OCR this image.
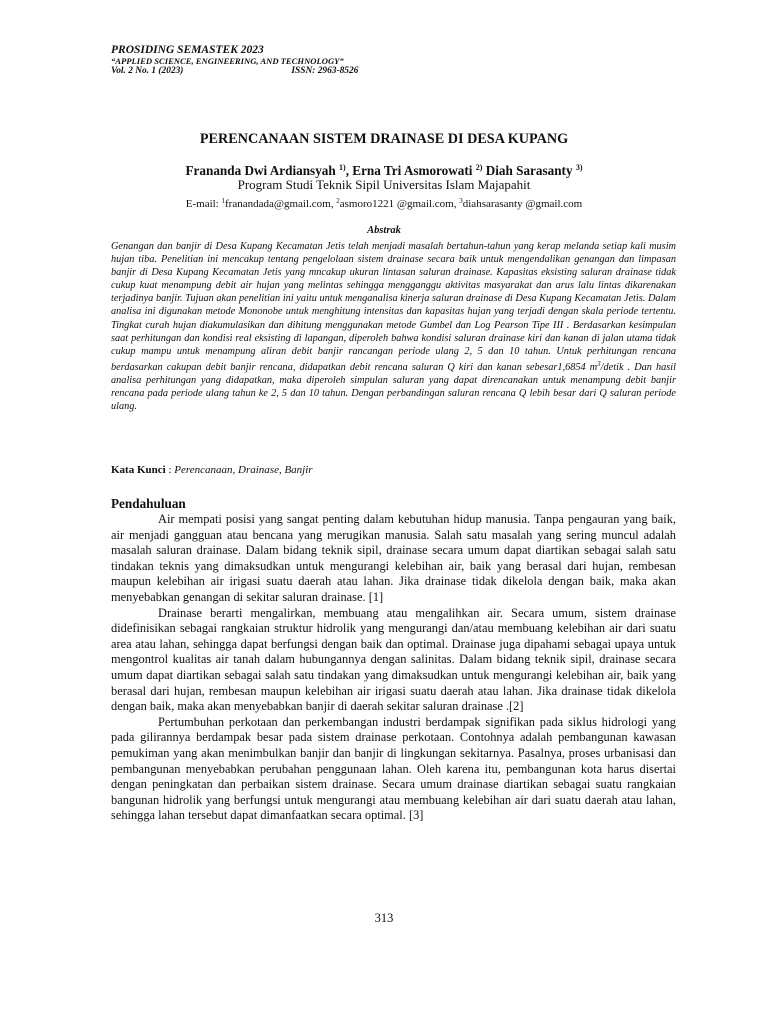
PROSIDING SEMASTEK 2023
“APPLIED SCIENCE, ENGINEERING, AND TECHNOLOGY”
Vol. 2 No. 1 (2023)	ISSN: 2963-8526
PERENCANAAN SISTEM DRAINASE DI DESA KUPANG
Frananda Dwi Ardiansyah $^{1)}$, Erna Tri Asmorowati $^{2)}$ Diah Sarasanty $^{3)}$
Program Studi Teknik Sipil Universitas Islam Majapahit
E-mail: $^1$franandada@gmail.com, $^2$asmoro1221 @gmail.com, $^3$diahsarasanty @gmail.com
Abstrak

Genangan dan banjir di Desa Kupang Kecamatan Jetis telah menjadi masalah bertahun-tahun yang kerap melanda setiap kali musim hujan tiba. Penelitian ini mencakup tentang pengelolaan sistem drainase secara baik untuk mengendalikan genangan dan limpasan banjir di Desa Kupang Kecamatan Jetis yang mncakup ukuran lintasan saluran drainase. Kapasitas eksisting saluran drainase tidak cukup kuat menampung debit air hujan yang melintas sehingga mengganggu aktivitas masyarakat dan arus lalu lintas dikarenakan terjadinya banjir. Tujuan akan penelitian ini yaitu untuk menganalisa kinerja saluran drainase di Desa Kupang Kecamatan Jetis. Dalam analisa ini digunakan metode Mononobe untuk menghitung intensitas dan kapasitas hujan yang terjadi dengan skala periode tertentu. Tingkat curah hujan diakumulasikan dan dihitung menggunakan metode Gumbel dan Log Pearson Tipe III . Berdasarkan kesimpulan saat perhitungan dan kondisi real eksisting di lapangan, diperoleh bahwa kondisi saluran drainase kiri dan kanan di jalan utama tidak cukup mampu untuk menampung aliran debit banjir rancangan periode ulang 2, 5 dan 10 tahun. Untuk perhitungan rencana berdasarkan cakupan debit banjir rencana, didapatkan debit rencana saluran Q kiri dan kanan sebesar1,6854 $m^3$/detik . Dan hasil analisa perhitungan yang didapatkan, maka diperoleh simpulan saluran yang dapat direncanakan untuk menampung debit banjir rencana pada periode ulang tahun ke 2, 5 dan 10 tahun. Dengan perbandingan saluran rencana Q lebih besar dari Q saluran periode ulang.

Kata Kunci : Perencanaan, Drainase, Banjir
Pendahuluan

Air mempati posisi yang sangat penting dalam kebutuhan hidup manusia. Tanpa pengauran yang baik, air menjadi gangguan atau bencana yang merugikan manusia. Salah satu masalah yang sering muncul adalah masalah saluran drainase. Dalam bidang teknik sipil, drainase secara umum dapat diartikan sebagai salah satu tindakan teknis yang dimaksudkan untuk mengurangi kelebihan air, baik yang berasal dari hujan, rembesan maupun kelebihan air irigasi suatu daerah atau lahan. Jika drainase tidak dikelola dengan baik, maka akan menyebabkan genangan di sekitar saluran drainase. [1]

Drainase berarti mengalirkan, membuang atau mengalihkan air. Secara umum, sistem drainase didefinisikan sebagai rangkaian struktur hidrolik yang mengurangi dan/atau membuang kelebihan air dari suatu area atau lahan, sehingga dapat berfungsi dengan baik dan optimal. Drainase juga dipahami sebagai upaya untuk mengontrol kualitas air tanah dalam hubungannya dengan salinitas. Dalam bidang teknik sipil, drainase secara umum dapat diartikan sebagai salah satu tindakan yang dimaksudkan untuk mengurangi kelebihan air, baik yang berasal dari hujan, rembesan maupun kelebihan air irigasi suatu daerah atau lahan. Jika drainase tidak dikelola dengan baik, maka akan menyebabkan banjir di daerah sekitar saluran drainase .[2]

Pertumbuhan perkotaan dan perkembangan industri berdampak signifikan pada siklus hidrologi yang pada gilirannya berdampak besar pada sistem drainase perkotaan. Contohnya adalah pembangunan kawasan pemukiman yang akan menimbulkan banjir dan banjir di lingkungan sekitarnya. Pasalnya, proses urbanisasi dan pembangunan menyebabkan perubahan penggunaan lahan. Oleh karena itu, pembangunan kota harus disertai dengan peningkatan dan perbaikan sistem drainase. Secara umum drainase diartikan sebagai suatu rangkaian bangunan hidrolik yang berfungsi untuk mengurangi atau membuang kelebihan air dari suatu daerah atau lahan, sehingga lahan tersebut dapat dimanfaatkan secara optimal. [3]

313
